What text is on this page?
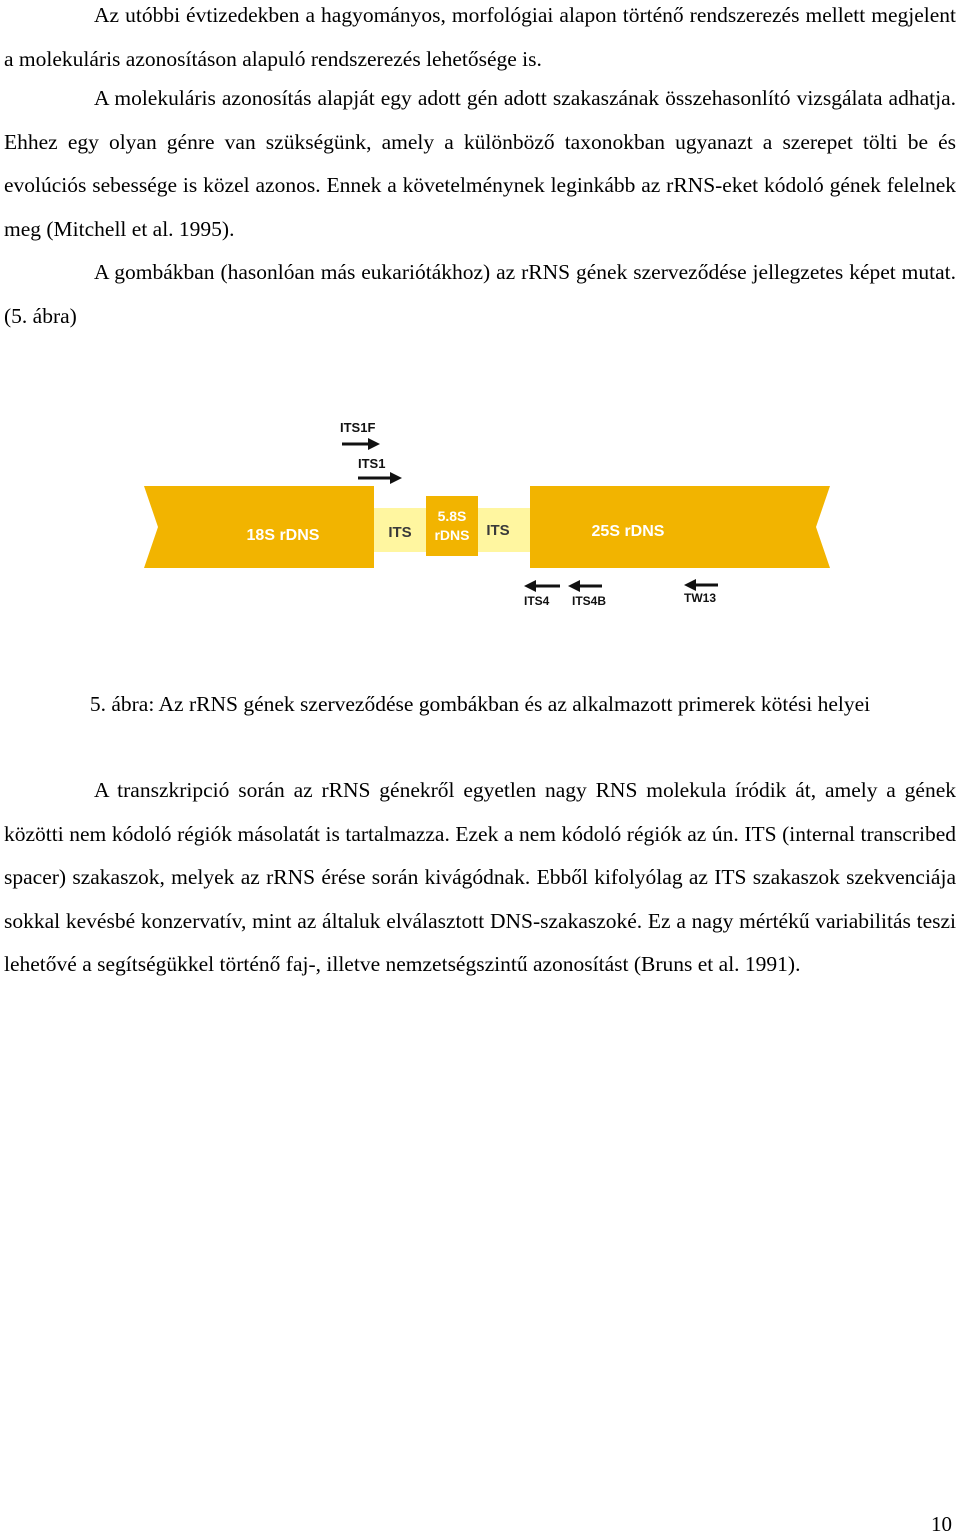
Az utóbbi évtizedekben a hagyományos, morfológiai alapon történő rendszerezés mellett megjelent a molekuláris azonosításon alapuló rendszerezés lehetősége is.

A molekuláris azonosítás alapját egy adott gén adott szakaszának összehasonlító vizsgálata adhatja. Ehhez egy olyan génre van szükségünk, amely a különböző taxonokban ugyanazt a szerepet tölti be és evolúciós sebessége is közel azonos. Ennek a követelménynek leginkább az rRNS-eket kódoló gének felelnek meg (Mitchell et al. 1995).

A gombákban (hasonlóan más eukariótákhoz) az rRNS gének szerveződése jellegzetes képet mutat. (5. ábra)

18S rDNS	ITS
5.8S
rDNS ITS	25S rDNS
ITS1F
ITS1
ITS4 ITS4B	TW13

5. ábra: Az rRNS gének szerveződése gombákban és az alkalmazott primerek kötési helyei

A transzkripció során az rRNS génekről egyetlen nagy RNS molekula íródik át, amely a gének közötti nem kódoló régiók másolatát is tartalmazza. Ezek a nem kódoló régiók az ún. ITS (internal transcribed spacer) szakaszok, melyek az rRNS érése során kivágódnak. Ebből kifolyólag az ITS szakaszok szekvenciája sokkal kevésbé konzervatív, mint az általuk elválasztott DNS-szakaszoké. Ez a nagy mértékű variabilitás teszi lehetővé a segítségükkel történő faj-, illetve nemzetségszintű azonosítást (Bruns et al. 1991).

10
